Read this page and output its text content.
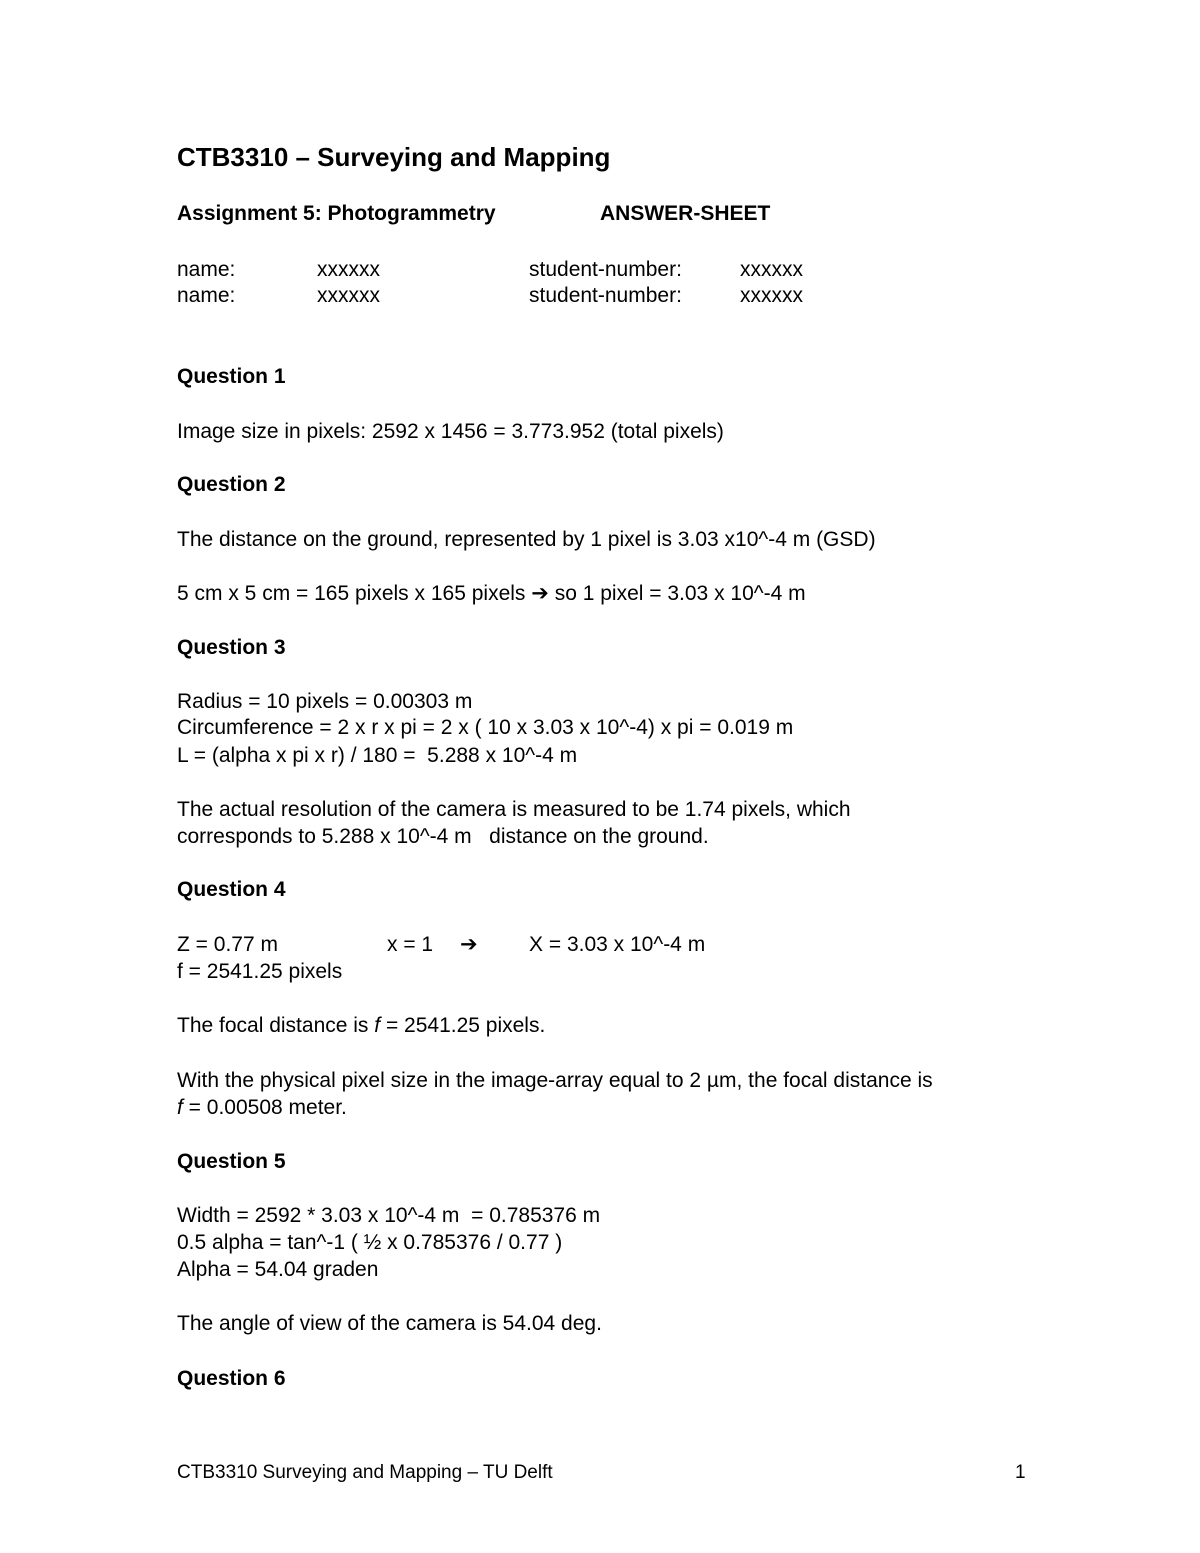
CTB3310 – Surveying and Mapping
Assignment 5: Photogrammetry	ANSWER-SHEET
name:	xxxxxx	student-number:	xxxxxx
name:	xxxxxx	student-number:	xxxxxx
Question 1
Image size in pixels: 2592 x 1456 = 3.773.952 (total pixels)
Question 2
The distance on the ground, represented by 1 pixel is 3.03 x10^-4 m (GSD)
5 cm x 5 cm = 165 pixels x 165 pixels ➔ so 1 pixel = 3.03 x 10^-4 m
Question 3
Radius = 10 pixels = 0.00303 m
Circumference = 2 x r x pi = 2 x ( 10 x 3.03 x 10^-4) x pi = 0.019 m
L = (alpha x pi x r) / 180 =  5.288 x 10^-4 m
The actual resolution of the camera is measured to be 1.74 pixels, which
corresponds to 5.288 x 10^-4 m   distance on the ground.
Question 4
Z = 0.77 m	x = 1 ➔ X = 3.03 x 10^-4 m
f = 2541.25 pixels
The focal distance is f = 2541.25 pixels.
With the physical pixel size in the image-array equal to 2 µm, the focal distance is
f = 0.00508 meter.
Question 5
Width = 2592 * 3.03 x 10^-4 m  = 0.785376 m
0.5 alpha = tan^-1 ( ½ x 0.785376 / 0.77 )
Alpha = 54.04 graden
The angle of view of the camera is 54.04 deg.
Question 6
CTB3310 Surveying and Mapping – TU Delft	1
